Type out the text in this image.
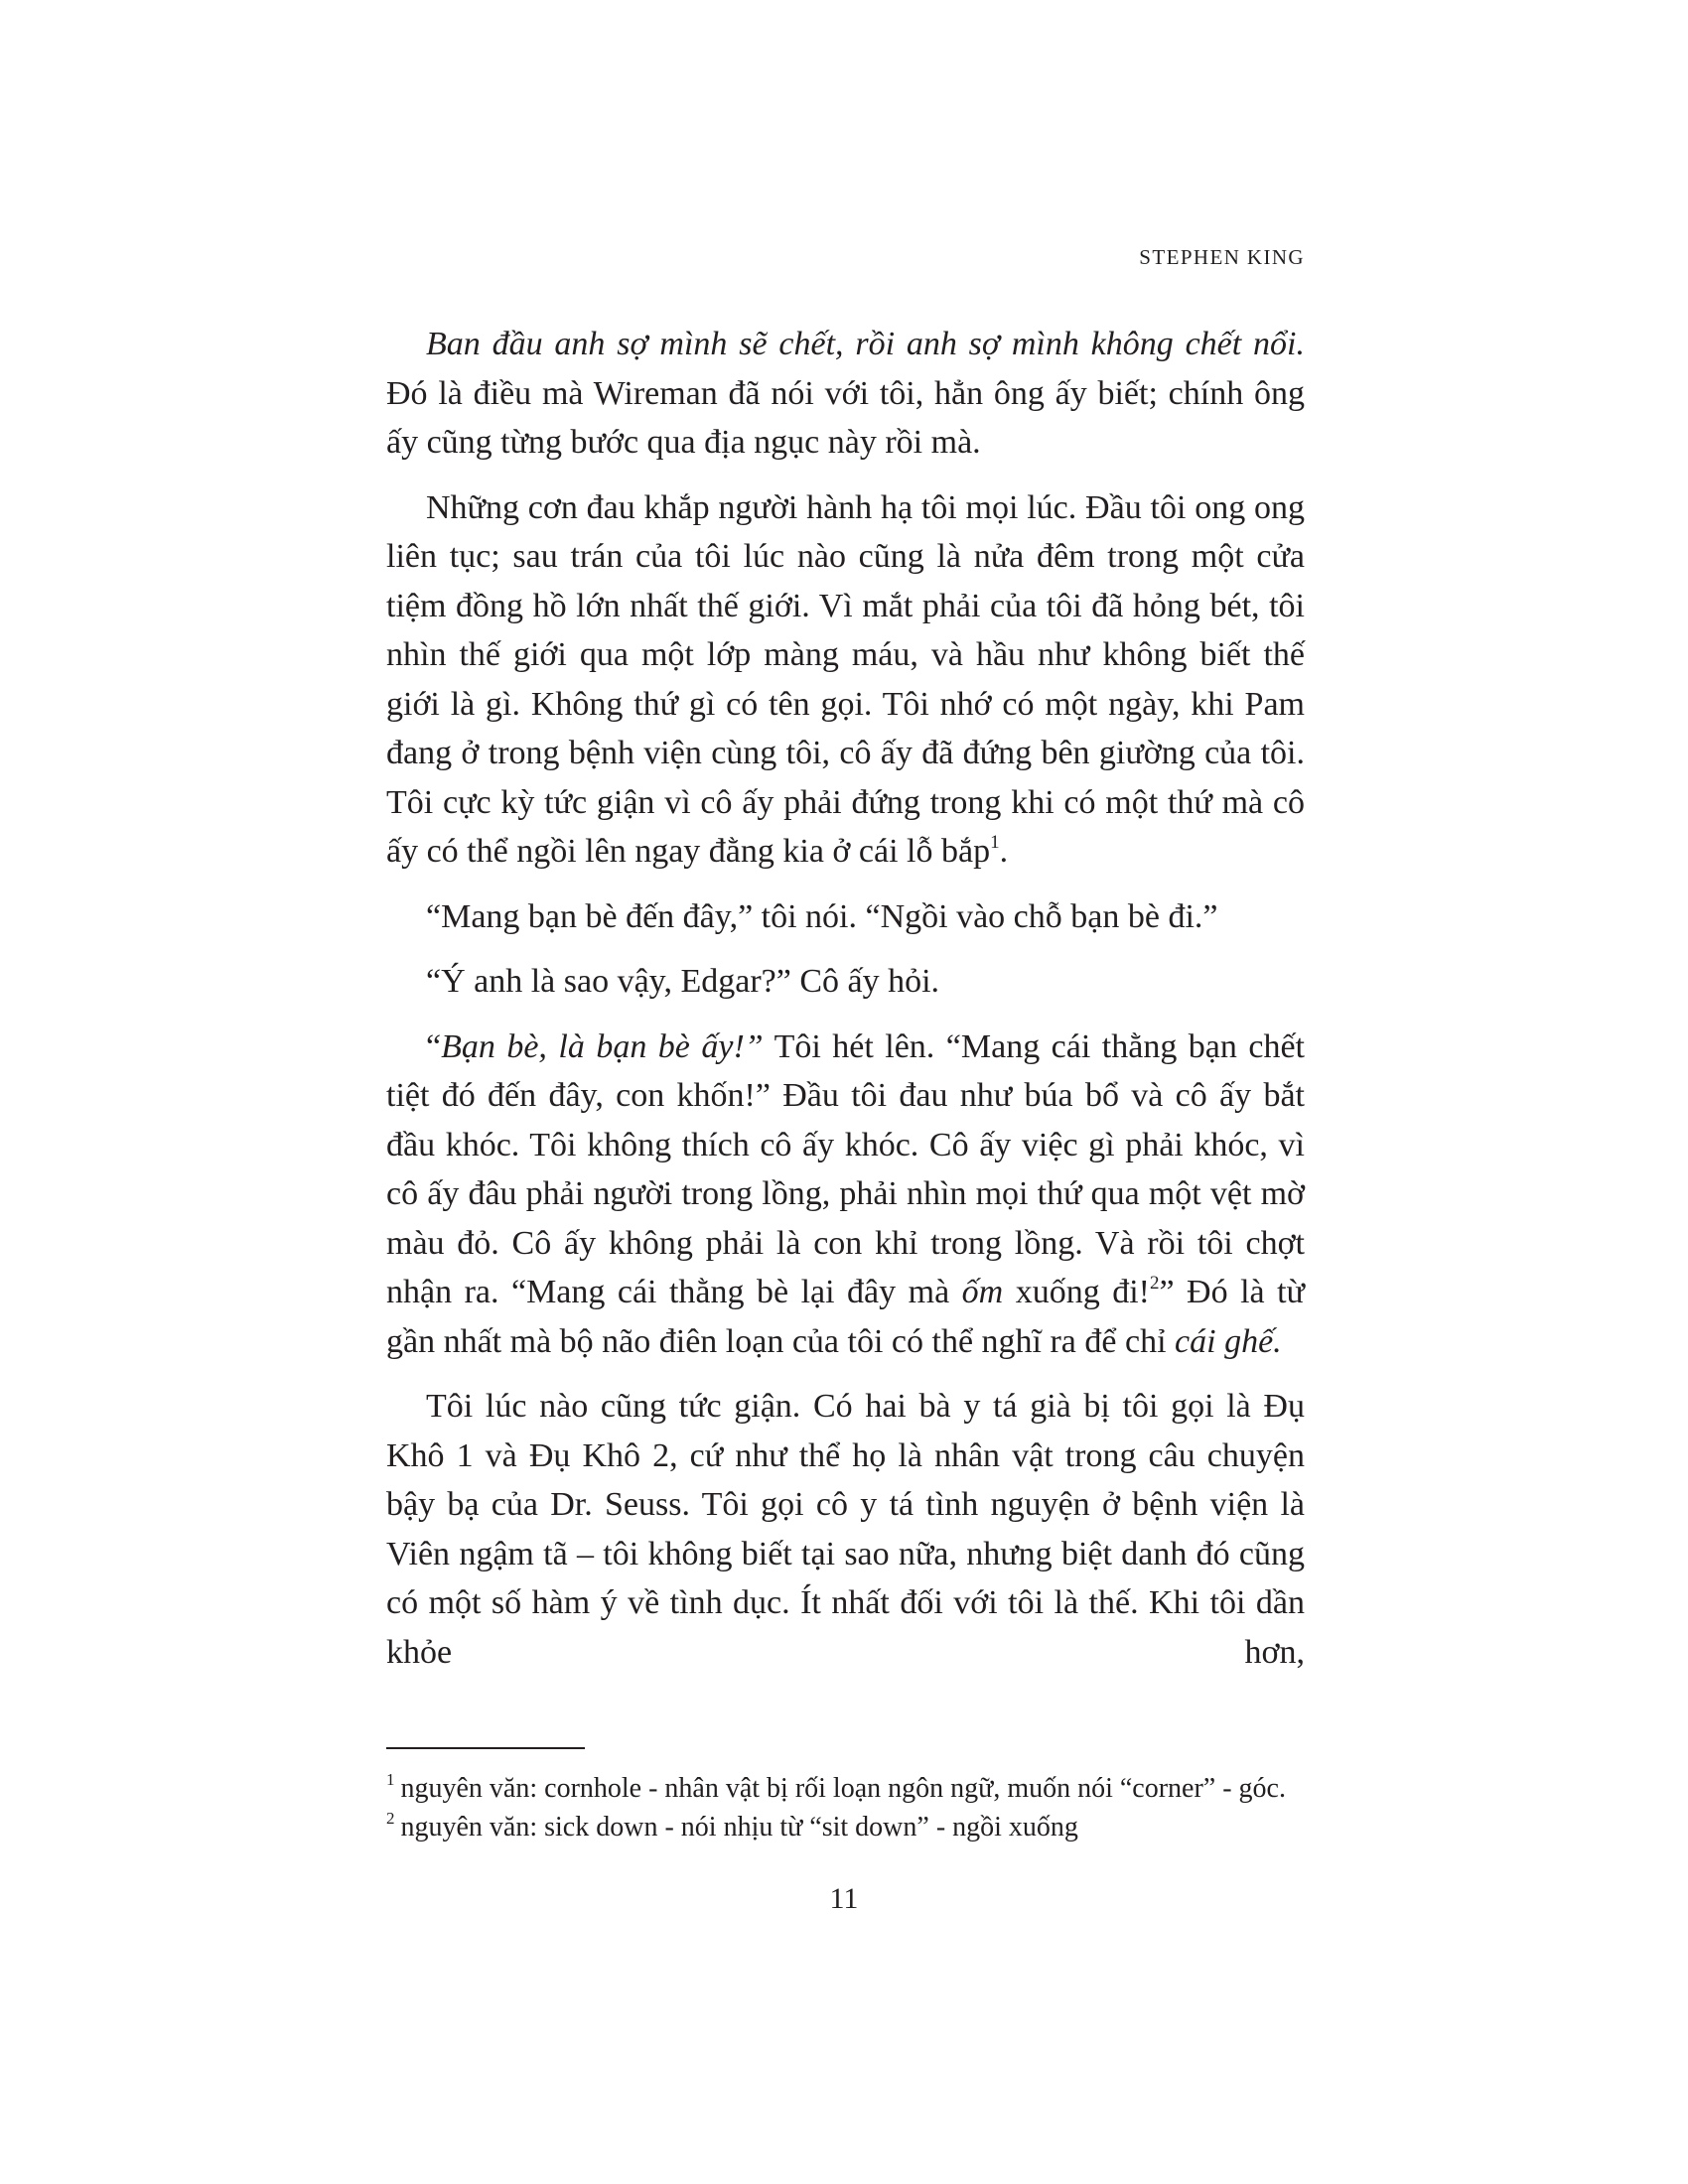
STEPHEN KING

Ban đầu anh sợ mình sẽ chết, rồi anh sợ mình không chết nổi. Đó là điều mà Wireman đã nói với tôi, hẳn ông ấy biết; chính ông ấy cũng từng bước qua địa ngục này rồi mà.

Những cơn đau khắp người hành hạ tôi mọi lúc. Đầu tôi ong ong liên tục; sau trán của tôi lúc nào cũng là nửa đêm trong một cửa tiệm đồng hồ lớn nhất thế giới. Vì mắt phải của tôi đã hỏng bét, tôi nhìn thế giới qua một lớp màng máu, và hầu như không biết thế giới là gì. Không thứ gì có tên gọi. Tôi nhớ có một ngày, khi Pam đang ở trong bệnh viện cùng tôi, cô ấy đã đứng bên giường của tôi. Tôi cực kỳ tức giận vì cô ấy phải đứng trong khi có một thứ mà cô ấy có thể ngồi lên ngay đằng kia ở cái lỗ bắp$^1$.

“Mang bạn bè đến đây,” tôi nói. “Ngồi vào chỗ bạn bè đi.”

“Ý anh là sao vậy, Edgar?” Cô ấy hỏi.

“Bạn bè, là bạn bè ấy!” Tôi hét lên. “Mang cái thằng bạn chết tiệt đó đến đây, con khốn!” Đầu tôi đau như búa bổ và cô ấy bắt đầu khóc. Tôi không thích cô ấy khóc. Cô ấy việc gì phải khóc, vì cô ấy đâu phải người trong lồng, phải nhìn mọi thứ qua một vệt mờ màu đỏ. Cô ấy không phải là con khỉ trong lồng. Và rồi tôi chợt nhận ra. “Mang cái thằng bè lại đây mà ốm xuống đi!$^2$” Đó là từ gần nhất mà bộ não điên loạn của tôi có thể nghĩ ra để chỉ cái ghế.

Tôi lúc nào cũng tức giận. Có hai bà y tá già bị tôi gọi là Đụ Khô 1 và Đụ Khô 2, cứ như thể họ là nhân vật trong câu chuyện bậy bạ của Dr. Seuss. Tôi gọi cô y tá tình nguyện ở bệnh viện là Viên ngậm tã – tôi không biết tại sao nữa, nhưng biệt danh đó cũng có một số hàm ý về tình dục. Ít nhất đối với tôi là thế. Khi tôi dần khỏe hơn,

$^1$ nguyên văn: cornhole - nhân vật bị rối loạn ngôn ngữ, muốn nói “corner” - góc.

$^2$ nguyên văn: sick down - nói nhịu từ “sit down” - ngồi xuống

11
